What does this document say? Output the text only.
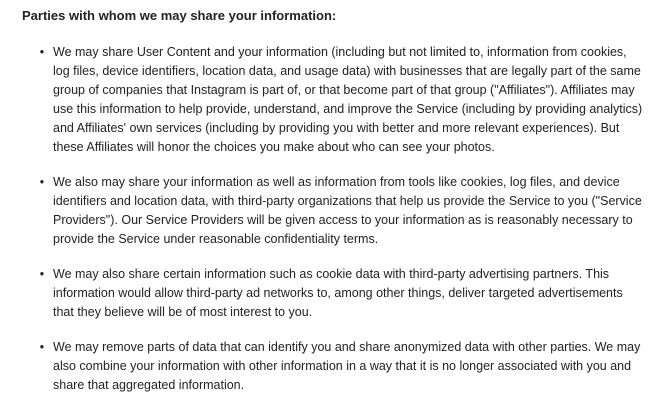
Parties with whom we may share your information:
• We may share User Content and your information (including but not limited to, information from cookies, log files, device identifiers, location data, and usage data) with businesses that are legally part of the same group of companies that Instagram is part of, or that become part of that group ("Affiliates"). Affiliates may use this information to help provide, understand, and improve the Service (including by providing analytics) and Affiliates' own services (including by providing you with better and more relevant experiences). But these Affiliates will honor the choices you make about who can see your photos.
• We also may share your information as well as information from tools like cookies, log files, and device identifiers and location data, with third-party organizations that help us provide the Service to you ("Service Providers"). Our Service Providers will be given access to your information as is reasonably necessary to provide the Service under reasonable confidentiality terms.
• We may also share certain information such as cookie data with third-party advertising partners. This information would allow third-party ad networks to, among other things, deliver targeted advertisements that they believe will be of most interest to you.
• We may remove parts of data that can identify you and share anonymized data with other parties. We may also combine your information with other information in a way that it is no longer associated with you and share that aggregated information.
